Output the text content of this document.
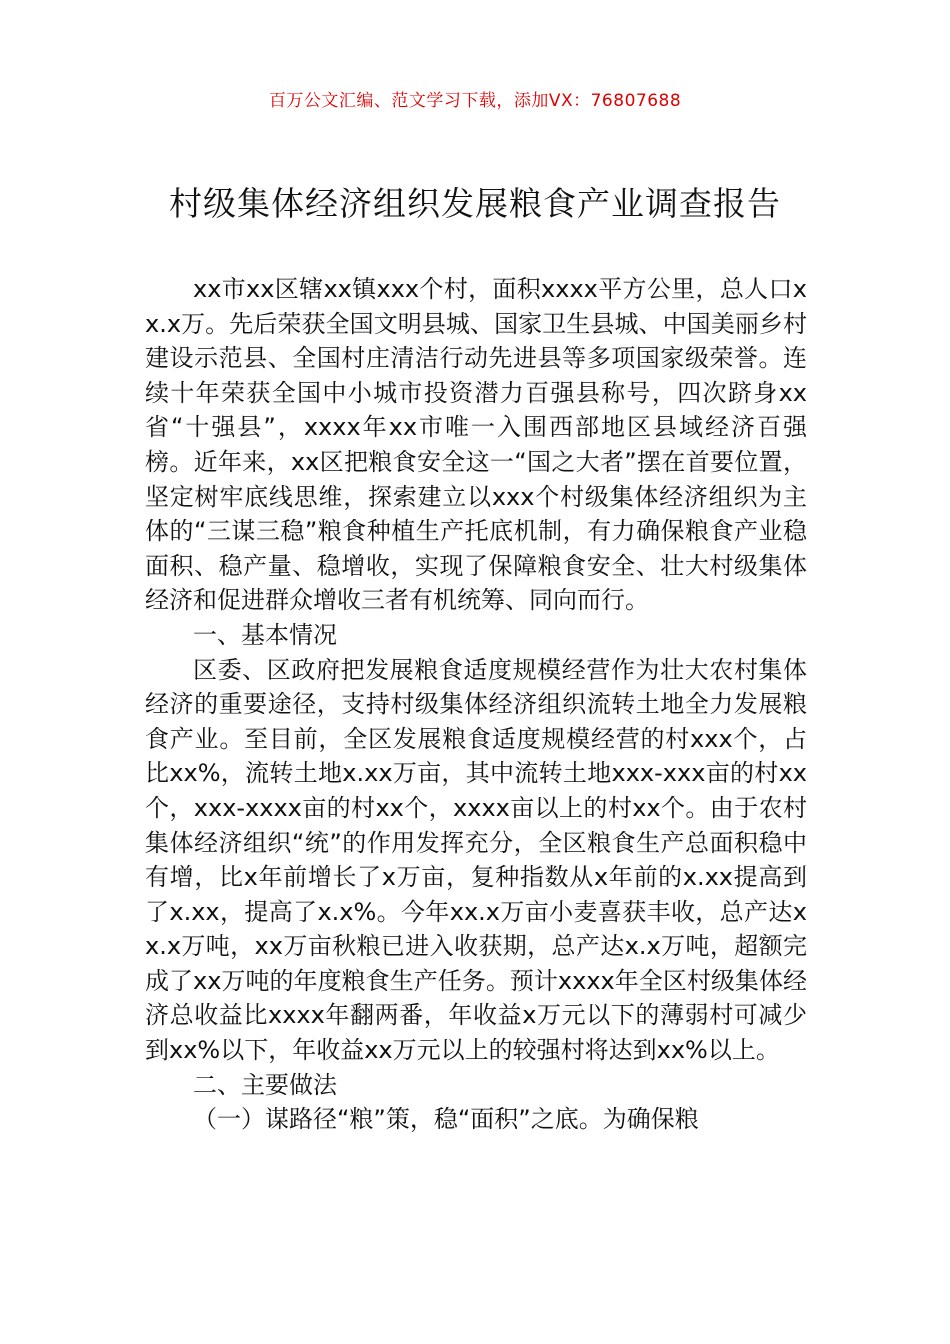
百万公文汇编、范文学习下载，添加VX：76807688
村级集体经济组织发展粮食产业调查报告

xx市xx区辖xx镇xxx个村，面积xxxx平方公里，总人口xx.x万。先后荣获全国文明县城、国家卫生县城、中国美丽乡村建设示范县、全国村庄清洁行动先进县等多项国家级荣誉。连续十年荣获全国中小城市投资潜力百强县称号，四次跻身xx省“十强县”，xxxx年xx市唯一入围西部地区县域经济百强榜。近年来，xx区把粮食安全这一“国之大者”摆在首要位置，坚定树牢底线思维，探索建立以xxx个村级集体经济组织为主体的“三谋三稳”粮食种植生产托底机制，有力确保粮食产业稳面积、稳产量、稳增收，实现了保障粮食安全、壮大村级集体经济和促进群众增收三者有机统筹、同向而行。

一、基本情况

区委、区政府把发展粮食适度规模经营作为壮大农村集体经济的重要途径，支持村级集体经济组织流转土地全力发展粮食产业。至目前，全区发展粮食适度规模经营的村xxx个，占比xx%，流转土地x.xx万亩，其中流转土地xxx-xxx亩的村xx个，xxx-xxxx亩的村xx个，xxxx亩以上的村xx个。由于农村集体经济组织“统”的作用发挥充分，全区粮食生产总面积稳中有增，比x年前增长了x万亩，复种指数从x年前的x.xx提高到了x.xx，提高了x.x%。今年xx.x万亩小麦喜获丰收，总产达xx.x万吨，xx万亩秋粮已进入收获期，总产达x.x万吨，超额完成了xx万吨的年度粮食生产任务。预计xxxx年全区村级集体经济总收益比xxxx年翻两番，年收益x万元以下的薄弱村可减少到xx%以下，年收益xx万元以上的较强村将达到xx%以上。

二、主要做法

（一）谋路径“粮”策，稳“面积”之底。为确保粮
